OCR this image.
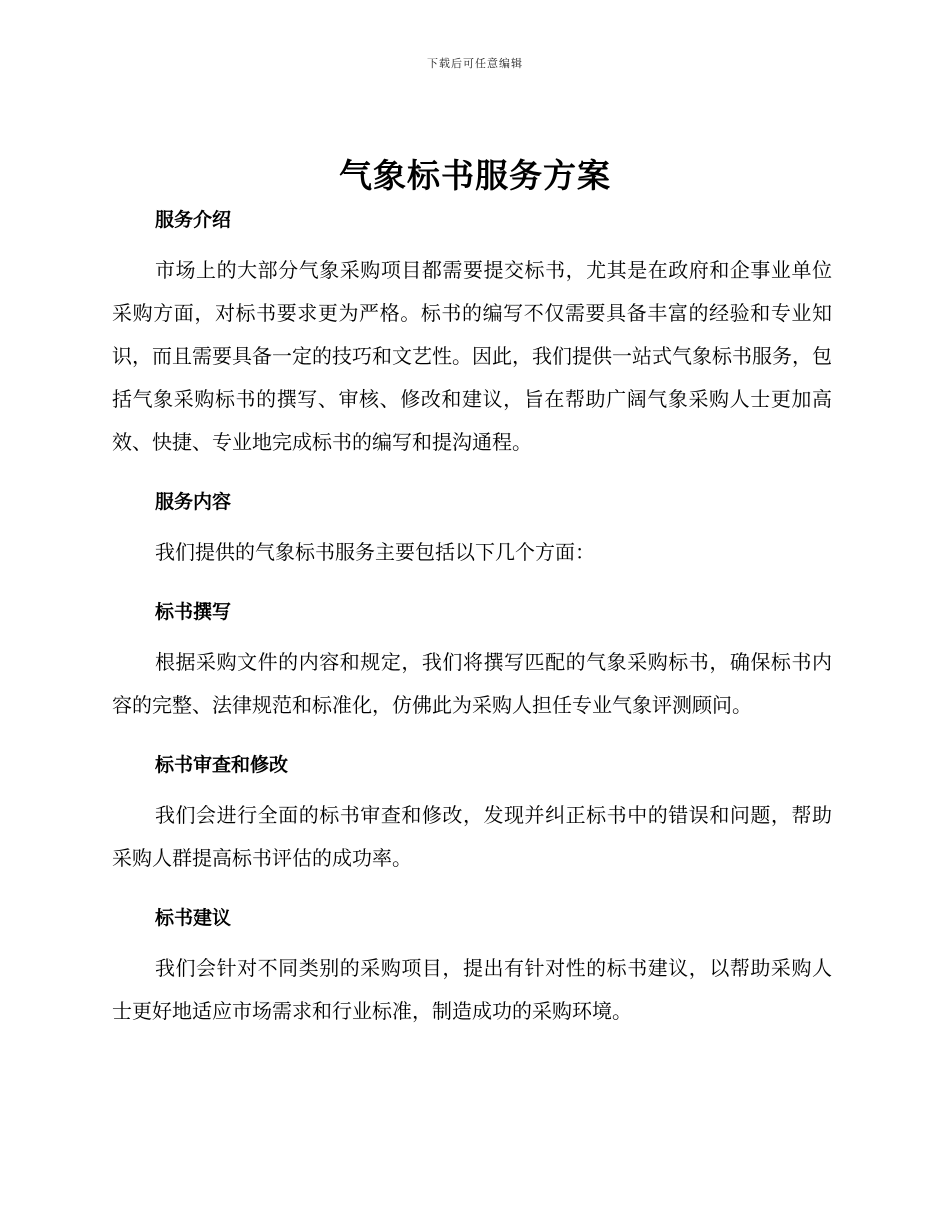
下载后可任意编辑
气象标书服务方案
服务介绍

市场上的大部分气象采购项目都需要提交标书，尤其是在政府和企事业单位采购方面，对标书要求更为严格。标书的编写不仅需要具备丰富的经验和专业知识，而且需要具备一定的技巧和文艺性。因此，我们提供一站式气象标书服务，包括气象采购标书的撰写、审核、修改和建议，旨在帮助广阔气象采购人士更加高效、快捷、专业地完成标书的编写和提沟通程。

服务内容

我们提供的气象标书服务主要包括以下几个方面：

标书撰写

根据采购文件的内容和规定，我们将撰写匹配的气象采购标书，确保标书内容的完整、法律规范和标准化，仿佛此为采购人担任专业气象评测顾问。

标书审查和修改

我们会进行全面的标书审查和修改，发现并纠正标书中的错误和问题，帮助采购人群提高标书评估的成功率。

标书建议

我们会针对不同类别的采购项目，提出有针对性的标书建议，以帮助采购人士更好地适应市场需求和行业标准，制造成功的采购环境。
